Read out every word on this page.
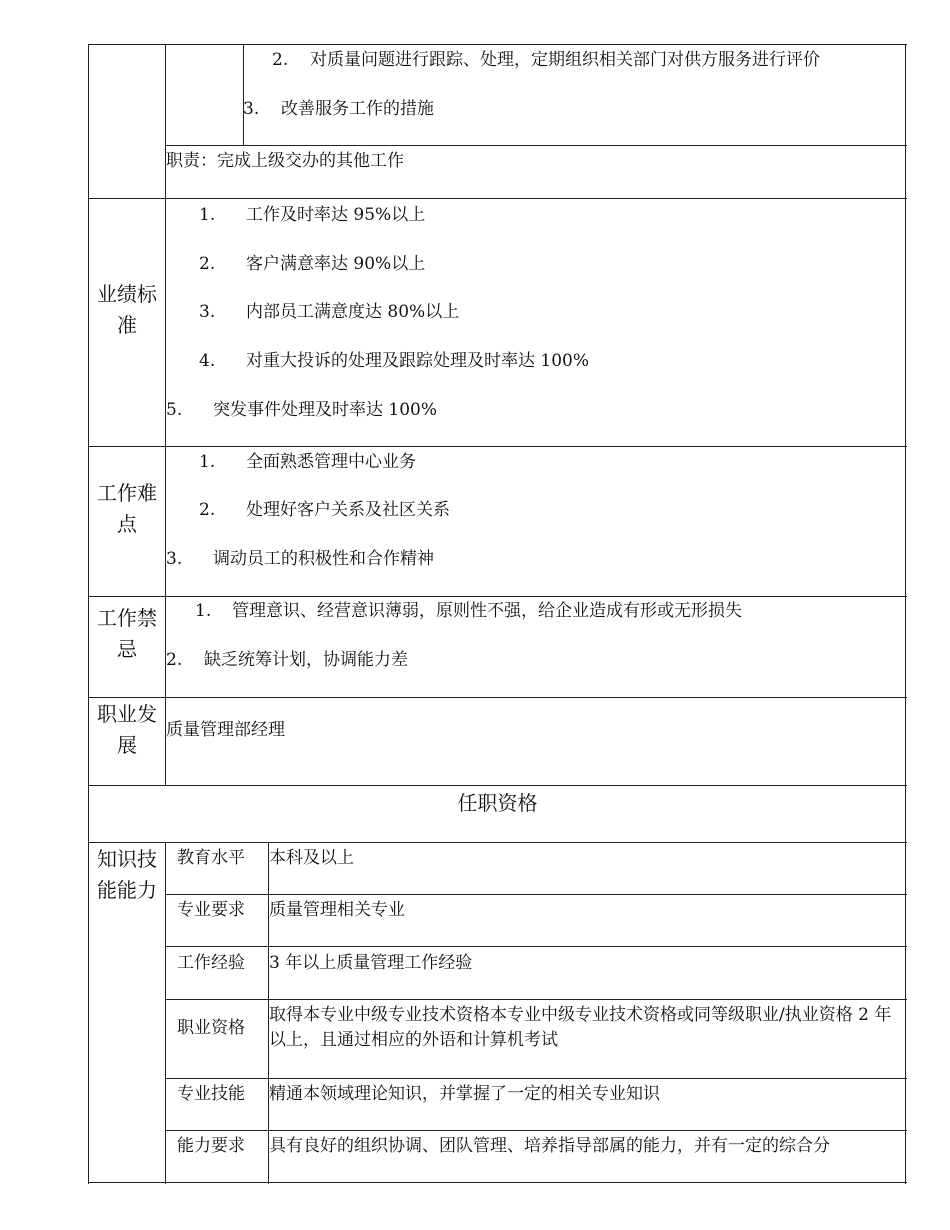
2. 对质量问题进行跟踪、处理，定期组织相关部门对供方服务进行评价
3. 改善服务工作的措施
职责：完成上级交办的其他工作
业绩标准
1. 工作及时率达 95%以上
2. 客户满意率达 90%以上
3. 内部员工满意度达 80%以上
4. 对重大投诉的处理及跟踪处理及时率达 100%
5. 突发事件处理及时率达 100%
工作难点
1. 全面熟悉管理中心业务
2. 处理好客户关系及社区关系
3. 调动员工的积极性和合作精神
工作禁忌
1. 管理意识、经营意识薄弱，原则性不强，给企业造成有形或无形损失
2. 缺乏统筹计划，协调能力差
职业发展
质量管理部经理
任职资格
知识技能能力
教育水平 本科及以上
专业要求 质量管理相关专业
工作经验 3 年以上质量管理工作经验
职业资格
取得本专业中级专业技术资格本专业中级专业技术资格或同等级职业/执业资格 2 年以上，且通过相应的外语和计算机考试
专业技能 精通本领域理论知识，并掌握了一定的相关专业知识
能力要求 具有良好的组织协调、团队管理、培养指导部属的能力，并有一定的综合分
